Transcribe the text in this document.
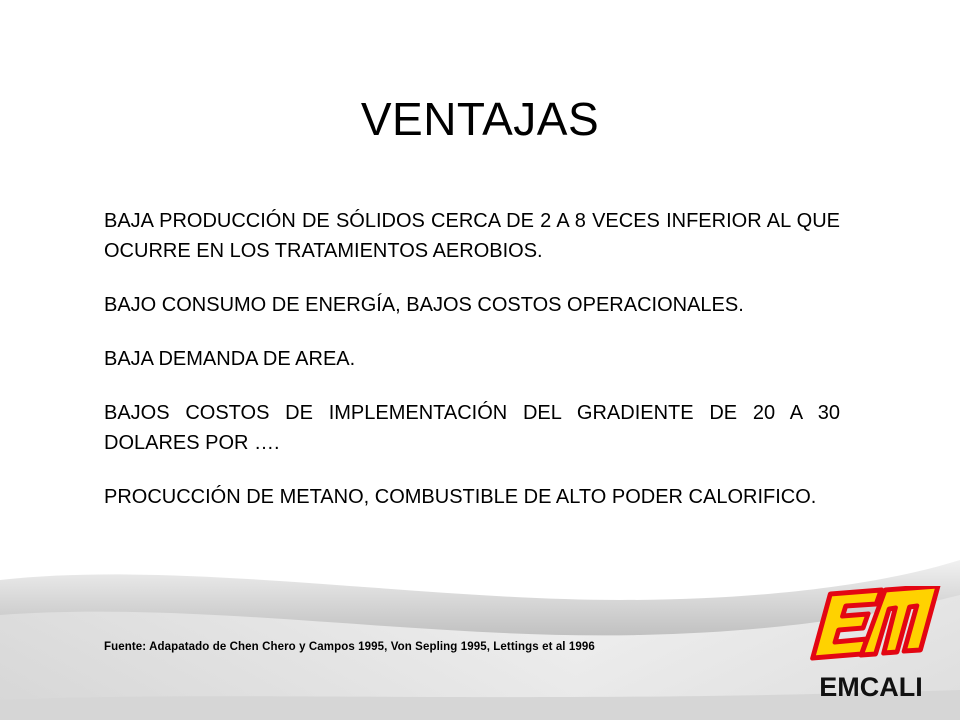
VENTAJAS

BAJA PRODUCCIÓN DE SÓLIDOS CERCA DE 2 A 8 VECES INFERIOR AL QUE OCURRE EN LOS TRATAMIENTOS AEROBIOS.

BAJO CONSUMO DE ENERGÍA, BAJOS COSTOS OPERACIONALES.

BAJA DEMANDA DE AREA.

BAJOS COSTOS DE IMPLEMENTACIÓN DEL GRADIENTE DE 20 A 30 DOLARES POR ….

PROCUCCIÓN DE METANO, COMBUSTIBLE DE ALTO PODER CALORIFICO.

Fuente: Adapatado de Chen Chero y Campos 1995, Von Sepling 1995, Lettings et al 1996
EMCALI
